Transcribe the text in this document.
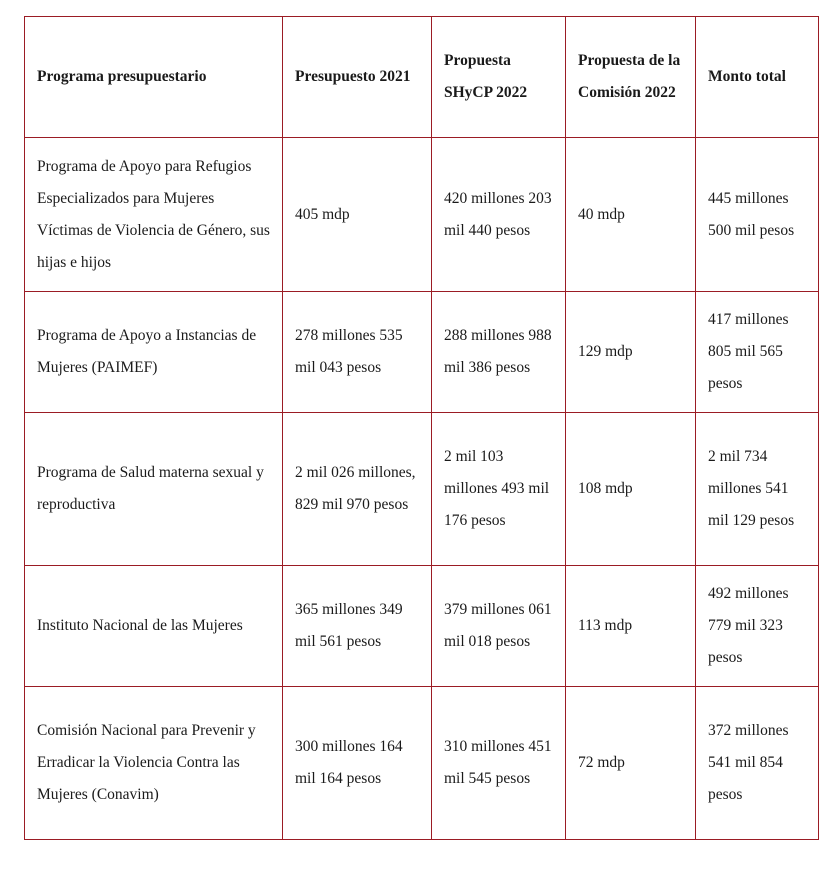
Programa presupuestario	Presupuesto 2021	Propuesta SHyCP 2022	Propuesta de la Comisión 2022	Monto total
Programa de Apoyo para Refugios Especializados para Mujeres Víctimas de Violencia de Género, sus hijas e hijos	405 mdp	420 millones 203 mil 440 pesos	40 mdp	445 millones 500 mil pesos
Programa de Apoyo a Instancias de Mujeres (PAIMEF)	278 millones 535 mil 043 pesos	288 millones 988 mil 386 pesos	129 mdp	417 millones 805 mil 565 pesos
Programa de Salud materna sexual y reproductiva	2 mil 026 millones, 829 mil 970 pesos	2 mil 103 millones 493 mil 176 pesos	108 mdp	2 mil 734 millones 541 mil 129 pesos
Instituto Nacional de las Mujeres	365 millones 349 mil 561 pesos	379 millones 061 mil 018 pesos	113 mdp	492 millones 779 mil 323 pesos
Comisión Nacional para Prevenir y Erradicar la Violencia Contra las Mujeres (Conavim)	300 millones 164 mil 164 pesos	310 millones 451 mil 545 pesos	72 mdp	372 millones 541 mil 854 pesos
